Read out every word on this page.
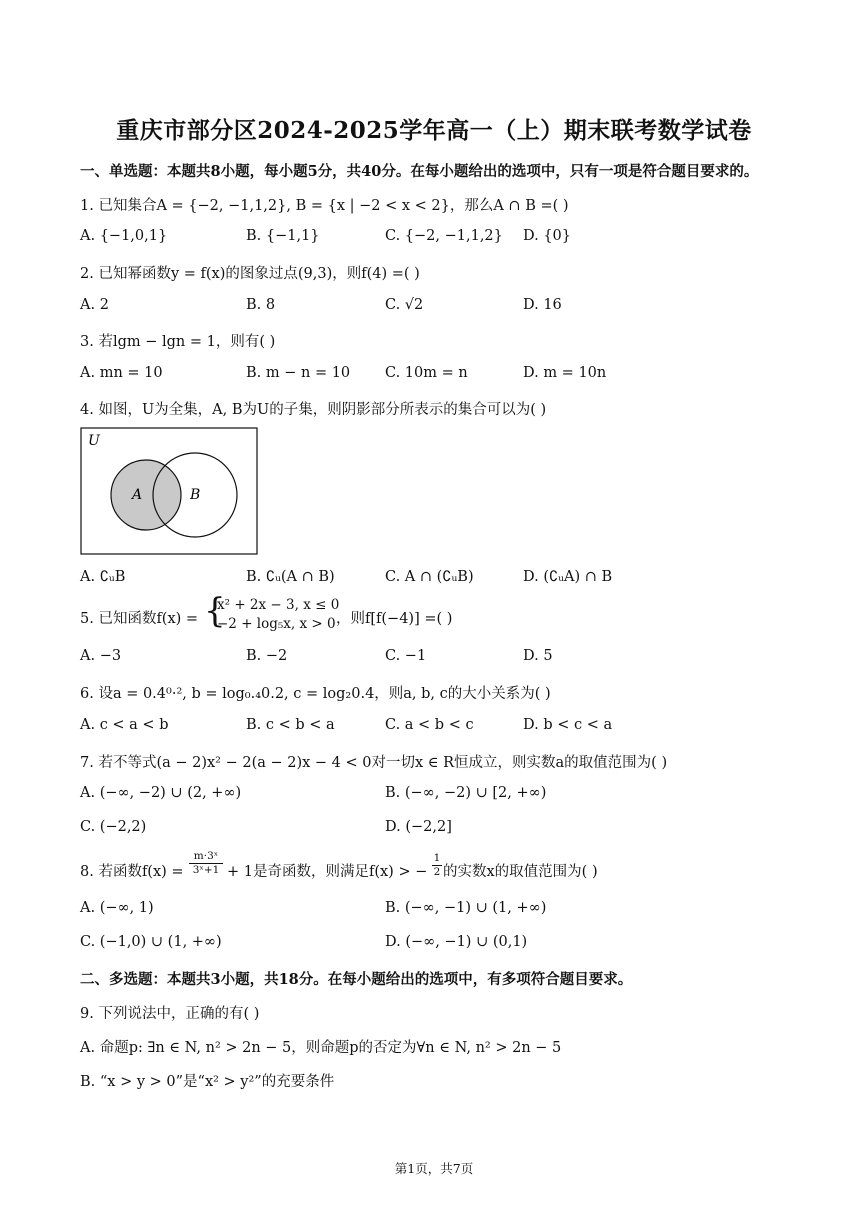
重庆市部分区2024-2025学年高一（上）期末联考数学试卷
一、单选题：本题共8小题，每小题5分，共40分。在每小题给出的选项中，只有一项是符合题目要求的。
1. 已知集合A = {−2, −1,1,2}, B = {x | −2 < x < 2}，那么A ∩ B =( )
A. {−1,0,1}	B. {−1,1}	C. {−2, −1,1,2} D. {0}
2. 已知幂函数y = f(x)的图象过点(9,3)，则f(4) =( )
A. 2	B. 8	C. √2	D. 16
3. 若lgm − lgn = 1，则有( )
A. mn = 10	B. m − n = 10 C. 10m = n	D. m = 10n
4. 如图，U为全集，A, B为U的子集，则阴影部分所表示的集合可以为( )
U
A	B
A. ∁ᵤB	B. ∁ᵤ(A ∩ B)	C. A ∩ (∁ᵤB)	D. (∁ᵤA) ∩ B
5. 已知函数f(x) = {
x² + 2x − 3, x ≤ 0
−2 + log₅x, x > 0 ，则f[f(−4)] =( )
A. −3	B. −2	C. −1	D. 5
6. 设a = 0.4⁰·², b = log₀.₄0.2, c = log₂0.4，则a, b, c的大小关系为( )
A. c < a < b	B. c < b < a	C. a < b < c	D. b < c < a
7. 若不等式(a − 2)x² − 2(a − 2)x − 4 < 0对一切x ∈ R恒成立，则实数a的取值范围为( )
A. (−∞, −2) ∪ (2, +∞)	B. (−∞, −2) ∪ [2, +∞)
C. (−2,2)	D. (−2,2]
8. 若函数$f(x) = \frac{\text{m·3ˣ}}{\text{3ˣ+1}} + 1$是奇函数，则满足f(x) > − $\frac{1}{2}$ 的实数x的取值范围为( )
A. (−∞, 1)	B. (−∞, −1) ∪ (1, +∞)
C. (−1,0) ∪ (1, +∞)	D. (−∞, −1) ∪ (0,1)
二、多选题：本题共3小题，共18分。在每小题给出的选项中，有多项符合题目要求。
9. 下列说法中，正确的有( )
A. 命题p: ∃n ∈ N, n² > 2n − 5，则命题p的否定为∀n ∈ N, n² > 2n − 5
B. “x > y > 0”是“x² > y²”的充要条件
第1页，共7页
